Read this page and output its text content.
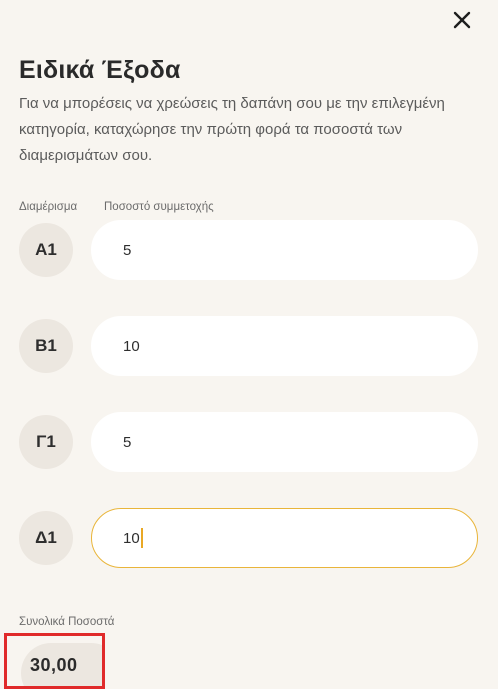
Ειδικά Έξοδα

Για να μπορέσεις να χρεώσεις τη δαπάνη σου με την επιλεγμένη κατηγορία, καταχώρησε την πρώτη φορά τα ποσοστά των διαμερισμάτων σου.

Διαμέρισμα Ποσοστό συμμετοχής
Α1	5
Β1	10
Γ1	5
Δ1	10
Συνολικά Ποσοστά
30,00
